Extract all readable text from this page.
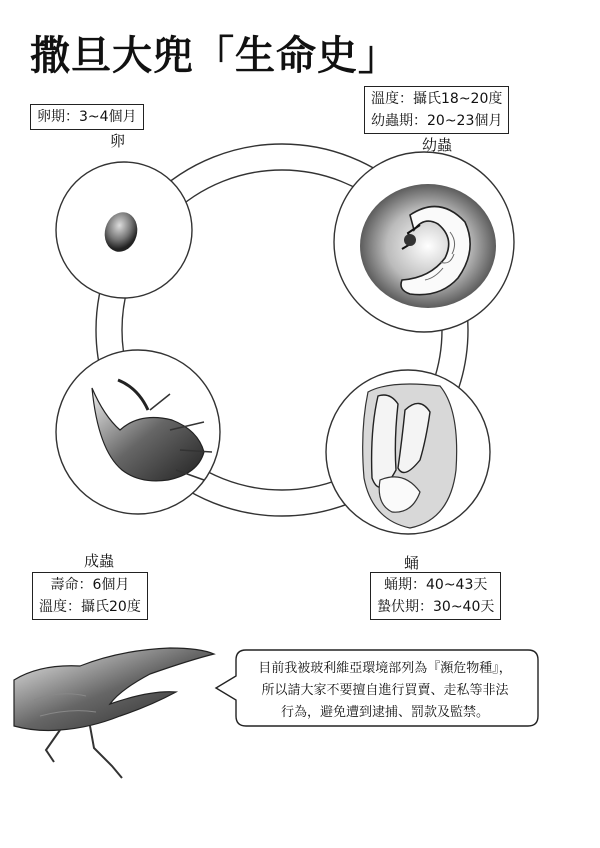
撒旦大兜「生命史」
卵期：3~4個月
卵
溫度：攝氏18~20度
幼蟲期：20~23個月
幼蟲
成蟲
壽命：6個月
溫度：攝氏20度
蛹
蛹期：40~43天
蟄伏期：30~40天
目前我被玻利維亞環境部列為『瀕危物種』，
所以請大家不要擅自進行買賣、走私等非法
行為，避免遭到逮捕、罰款及監禁。
